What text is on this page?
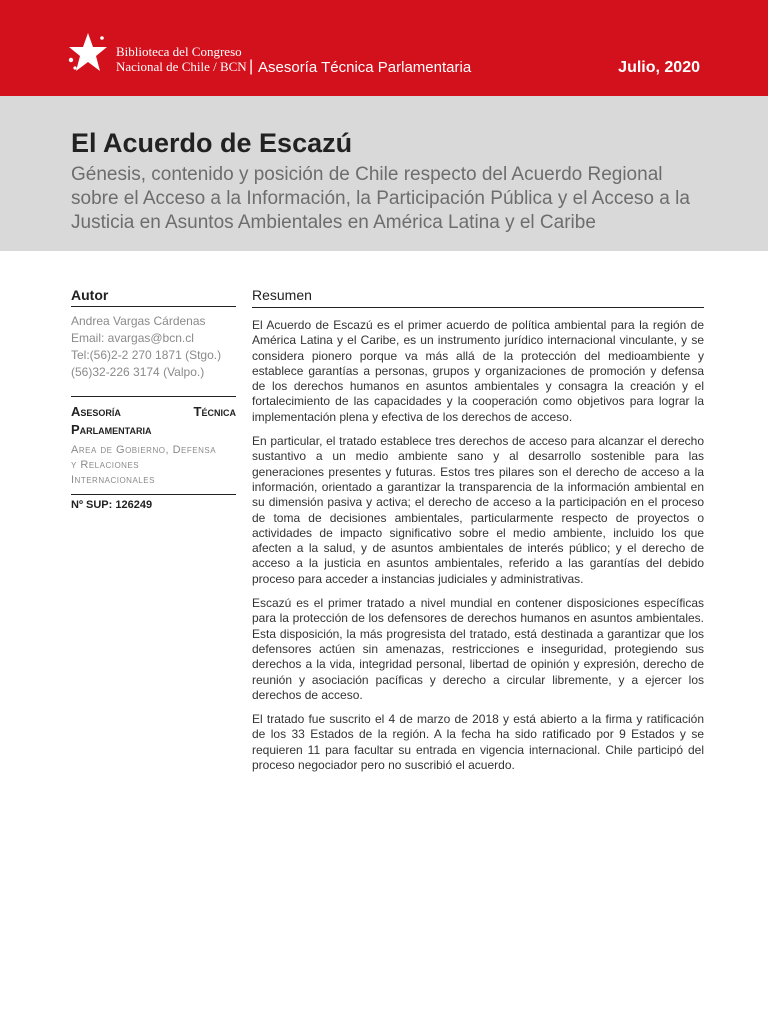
Biblioteca del Congreso
Nacional de Chile / BCN | Asesoría Técnica Parlamentaria	Julio, 2020
El Acuerdo de Escazú
Génesis, contenido y posición de Chile respecto del Acuerdo Regional sobre el Acceso a la Información, la Participación Pública y el Acceso a la Justicia en Asuntos Ambientales en América Latina y el Caribe
Autor
Andrea Vargas Cárdenas
Email: avargas@bcn.cl
Tel:(56)2-2 270 1871 (Stgo.)
(56)32-226 3174 (Valpo.)
Asesoría Técnica
Parlamentaria
Area de Gobierno, Defensa
y Relaciones
Internacionales
Nº SUP: 126249
Resumen

El Acuerdo de Escazú es el primer acuerdo de política ambiental para la región de América Latina y el Caribe, es un instrumento jurídico internacional vinculante, y se considera pionero porque va más allá de la protección del medioambiente y establece garantías a personas, grupos y organizaciones de promoción y defensa de los derechos humanos en asuntos ambientales y consagra la creación y el fortalecimiento de las capacidades y la cooperación como objetivos para lograr la implementación plena y efectiva de los derechos de acceso.

En particular, el tratado establece tres derechos de acceso para alcanzar el derecho sustantivo a un medio ambiente sano y al desarrollo sostenible para las generaciones presentes y futuras. Estos tres pilares son el derecho de acceso a la información, orientado a garantizar la transparencia de la información ambiental en su dimensión pasiva y activa; el derecho de acceso a la participación en el proceso de toma de decisiones ambientales, particularmente respecto de proyectos o actividades de impacto significativo sobre el medio ambiente, incluido los que afecten a la salud, y de asuntos ambientales de interés público; y el derecho de acceso a la justicia en asuntos ambientales, referido a las garantías del debido proceso para acceder a instancias judiciales y administrativas.

Escazú es el primer tratado a nivel mundial en contener disposiciones específicas para la protección de los defensores de derechos humanos en asuntos ambientales. Esta disposición, la más progresista del tratado, está destinada a garantizar que los defensores actúen sin amenazas, restricciones e inseguridad, protegiendo sus derechos a la vida, integridad personal, libertad de opinión y expresión, derecho de reunión y asociación pacíficas y derecho a circular libremente, y a ejercer los derechos de acceso.

El tratado fue suscrito el 4 de marzo de 2018 y está abierto a la firma y ratificación de los 33 Estados de la región. A la fecha ha sido ratificado por 9 Estados y se requieren 11 para facultar su entrada en vigencia internacional. Chile participó del proceso negociador pero no suscribió el acuerdo.
